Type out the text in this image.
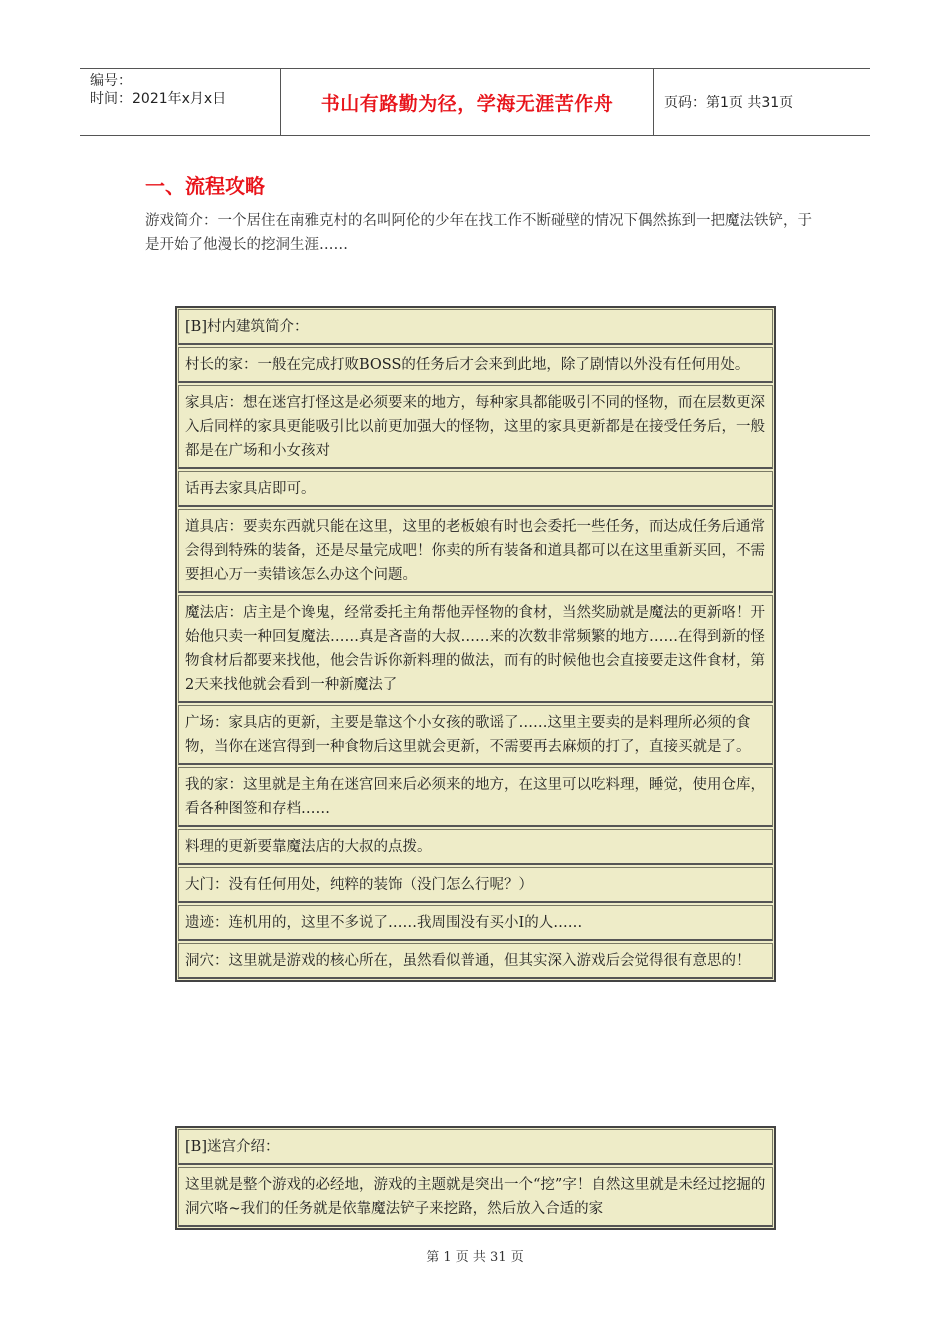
编号：
时间：2021年x月x日	书山有路勤为径，学海无涯苦作舟	页码：第1页 共31页
一、流程攻略
游戏简介：一个居住在南雅克村的名叫阿伦的少年在找工作不断碰壁的情况下偶然拣到一把魔法铁铲，于是开始了他漫长的挖洞生涯……
[B]村内建筑简介：
村长的家：一般在完成打败BOSS的任务后才会来到此地，除了剧情以外没有任何用处。
家具店：想在迷宫打怪这是必须要来的地方，每种家具都能吸引不同的怪物，而在层数更深入后同样的家具更能吸引比以前更加强大的怪物，这里的家具更新都是在接受任务后，一般都是在广场和小女孩对
话再去家具店即可。
道具店：要卖东西就只能在这里，这里的老板娘有时也会委托一些任务，而达成任务后通常会得到特殊的装备，还是尽量完成吧！你卖的所有装备和道具都可以在这里重新买回，不需要担心万一卖错该怎么办这个问题。
魔法店：店主是个谗鬼，经常委托主角帮他弄怪物的食材，当然奖励就是魔法的更新咯！开始他只卖一种回复魔法……真是吝啬的大叔……来的次数非常频繁的地方……在得到新的怪物食材后都要来找他，他会告诉你新料理的做法，而有的时候他也会直接要走这件食材，第2天来找他就会看到一种新魔法了
广场：家具店的更新，主要是靠这个小女孩的歌谣了……这里主要卖的是料理所必须的食物，当你在迷宫得到一种食物后这里就会更新，不需要再去麻烦的打了，直接买就是了。
我的家：这里就是主角在迷宫回来后必须来的地方，在这里可以吃料理，睡觉，使用仓库，看各种图签和存档……
料理的更新要靠魔法店的大叔的点拨。
大门：没有任何用处，纯粹的装饰（没门怎么行呢？）
遗迹：连机用的，这里不多说了……我周围没有买小I的人……
洞穴：这里就是游戏的核心所在，虽然看似普通，但其实深入游戏后会觉得很有意思的！
[B]迷宫介绍：
这里就是整个游戏的必经地，游戏的主题就是突出一个“挖”字！自然这里就是未经过挖掘的洞穴咯~我们的任务就是依靠魔法铲子来挖路，然后放入合适的家
第 1 页 共 31 页
